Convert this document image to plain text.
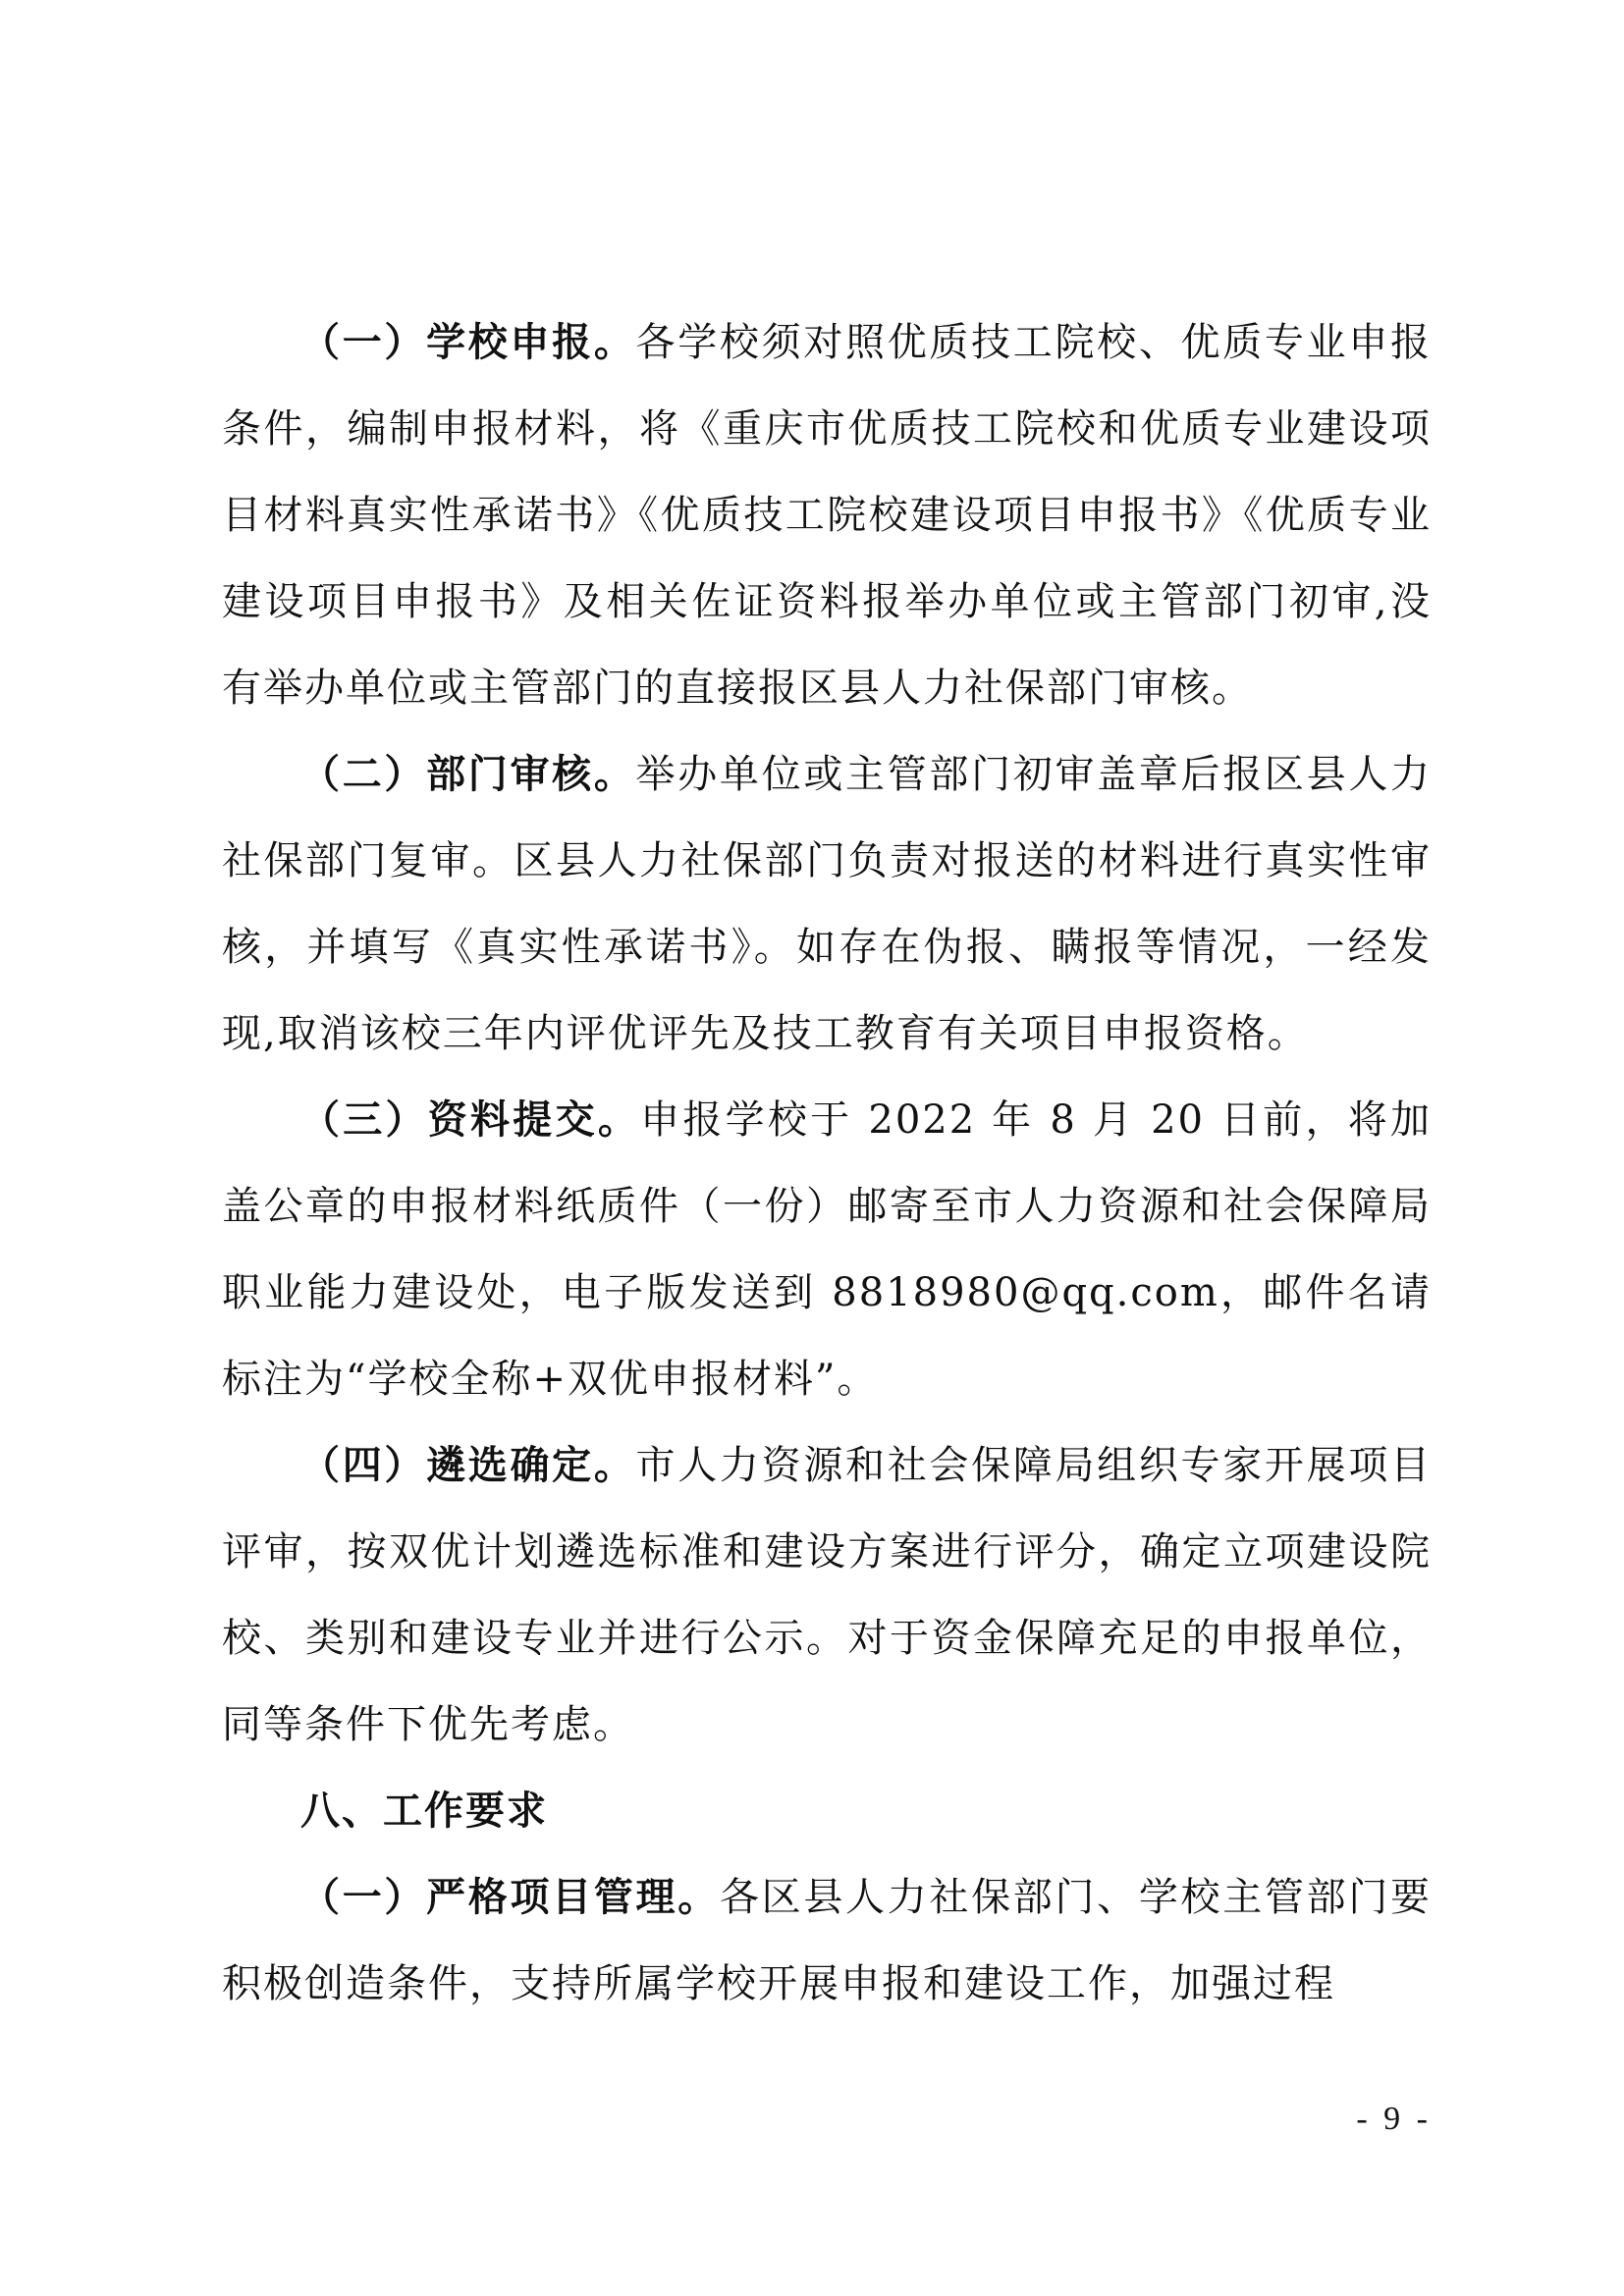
（一）学校申报。各学校须对照优质技工院校、优质专业申报条件，编制申报材料，将《重庆市优质技工院校和优质专业建设项目材料真实性承诺书》《优质技工院校建设项目申报书》《优质专业建设项目申报书》及相关佐证资料报举办单位或主管部门初审,没有举办单位或主管部门的直接报区县人力社保部门审核。

（二）部门审核。举办单位或主管部门初审盖章后报区县人力社保部门复审。区县人力社保部门负责对报送的材料进行真实性审核，并填写《真实性承诺书》。如存在伪报、瞒报等情况，一经发现,取消该校三年内评优评先及技工教育有关项目申报资格。

（三）资料提交。申报学校于 2022 年 8 月 20 日前，将加盖公章的申报材料纸质件（一份）邮寄至市人力资源和社会保障局职业能力建设处，电子版发送到 8818980@qq.com，邮件名请标注为“学校全称+双优申报材料”。

（四）遴选确定。市人力资源和社会保障局组织专家开展项目评审，按双优计划遴选标准和建设方案进行评分，确定立项建设院校、类别和建设专业并进行公示。对于资金保障充足的申报单位，同等条件下优先考虑。

八、工作要求

（一）严格项目管理。各区县人力社保部门、学校主管部门要积极创造条件，支持所属学校开展申报和建设工作，加强过程

- 9 -
